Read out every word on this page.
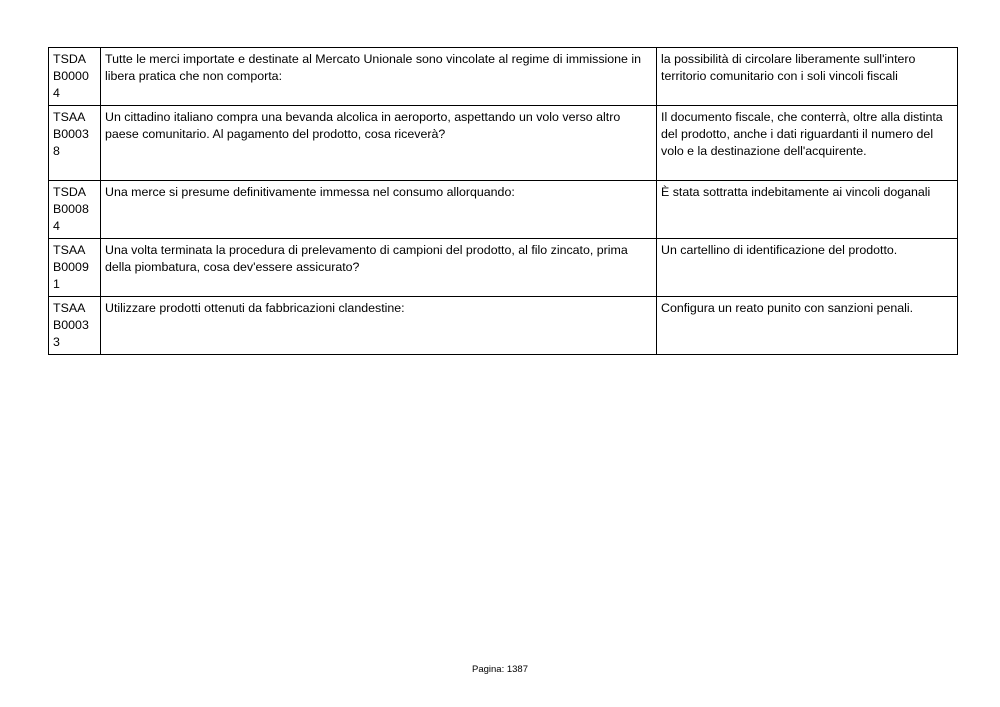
TSDA B0000 4	Tutte le merci importate e destinate al Mercato Unionale sono vincolate al regime di immissione in libera pratica che non comporta:	la possibilità di circolare liberamente sull'intero territorio comunitario con i soli vincoli fiscali
TSAA B0003 8	Un cittadino italiano compra una bevanda alcolica in aeroporto, aspettando un volo verso altro paese comunitario. Al pagamento del prodotto, cosa riceverà?	Il documento fiscale, che conterrà, oltre alla distinta del prodotto, anche i dati riguardanti il numero del volo e la destinazione dell'acquirente.
TSDA B0008 4	Una merce si presume definitivamente immessa nel consumo allorquando:	È stata sottratta indebitamente ai vincoli doganali
TSAA B0009 1	Una volta terminata la procedura di prelevamento di campioni del prodotto, al filo zincato, prima della piombatura, cosa dev'essere assicurato?	Un cartellino di identificazione del prodotto.
TSAA B0003 3	Utilizzare prodotti ottenuti da fabbricazioni clandestine:	Configura un reato punito con sanzioni penali.
Pagina: 1387
